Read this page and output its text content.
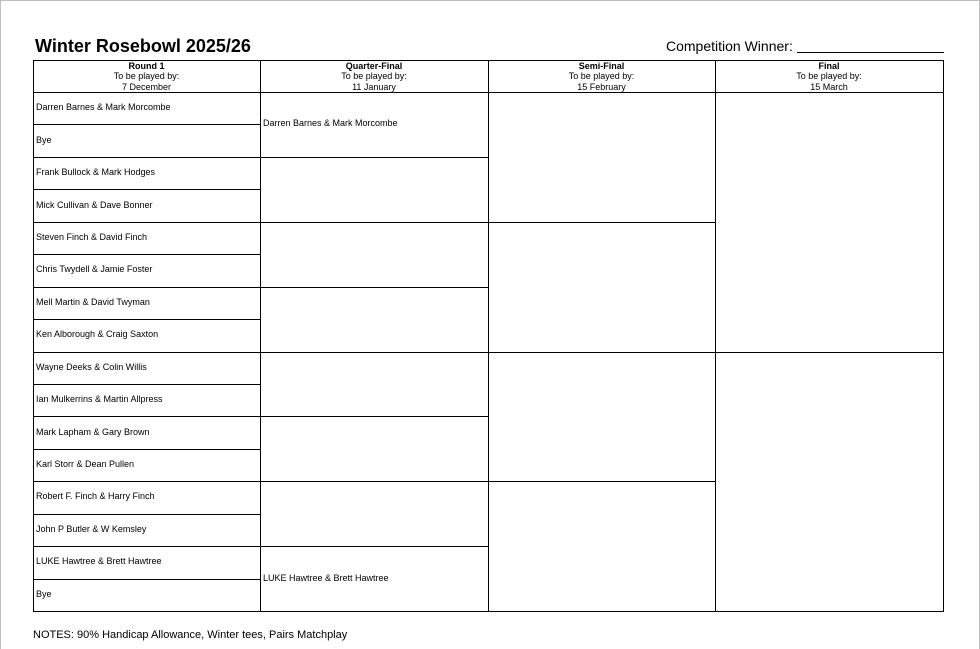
Winter Rosebowl 2025/26	Competition Winner:
Round 1
To be played by:
7 December
Quarter-Final
To be played by:
11 January
Semi-Final
To be played by:
15 February
Final
To be played by:
15 March
Darren Barnes & Mark Morcombe
Bye
Frank Bullock & Mark Hodges
Mick Cullivan & Dave Bonner
Steven Finch & David Finch
Chris Twydell & Jamie Foster
Mell Martin & David Twyman
Ken Alborough & Craig Saxton
Wayne Deeks & Colin Willis
Ian Mulkerrins & Martin Allpress
Mark Lapham & Gary Brown
Karl Storr & Dean Pullen
Robert F. Finch & Harry Finch
John P Butler & W Kemsley
LUKE Hawtree & Brett Hawtree
Bye
Darren Barnes & Mark Morcombe
LUKE Hawtree & Brett Hawtree
NOTES: 90% Handicap Allowance, Winter tees, Pairs Matchplay
